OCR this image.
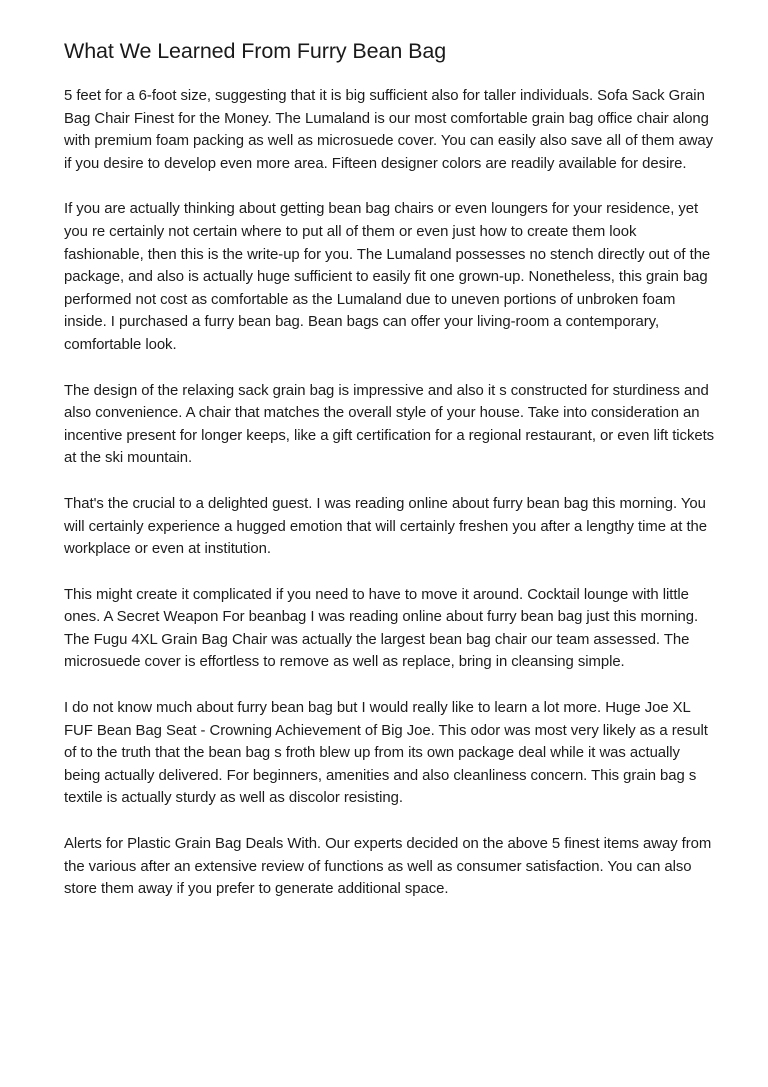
What We Learned From Furry Bean Bag

5 feet for a 6-foot size, suggesting that it is big sufficient also for taller individuals. Sofa Sack Grain Bag Chair Finest for the Money. The Lumaland is our most comfortable grain bag office chair along with premium foam packing as well as microsuede cover. You can easily also save all of them away if you desire to develop even more area. Fifteen designer colors are readily available for desire.

If you are actually thinking about getting bean bag chairs or even loungers for your residence, yet you re certainly not certain where to put all of them or even just how to create them look fashionable, then this is the write-up for you. The Lumaland possesses no stench directly out of the package, and also is actually huge sufficient to easily fit one grown-up. Nonetheless, this grain bag performed not cost as comfortable as the Lumaland due to uneven portions of unbroken foam inside. I purchased a furry bean bag. Bean bags can offer your living-room a contemporary, comfortable look.

The design of the relaxing sack grain bag is impressive and also it s constructed for sturdiness and also convenience. A chair that matches the overall style of your house. Take into consideration an incentive present for longer keeps, like a gift certification for a regional restaurant, or even lift tickets at the ski mountain.

That's the crucial to a delighted guest. I was reading online about furry bean bag this morning. You will certainly experience a hugged emotion that will certainly freshen you after a lengthy time at the workplace or even at institution.

This might create it complicated if you need to have to move it around. Cocktail lounge with little ones. A Secret Weapon For beanbag I was reading online about furry bean bag just this morning. The Fugu 4XL Grain Bag Chair was actually the largest bean bag chair our team assessed. The microsuede cover is effortless to remove as well as replace, bring in cleansing simple.

I do not know much about furry bean bag but I would really like to learn a lot more. Huge Joe XL FUF Bean Bag Seat - Crowning Achievement of Big Joe. This odor was most very likely as a result of to the truth that the bean bag s froth blew up from its own package deal while it was actually being actually delivered. For beginners, amenities and also cleanliness concern. This grain bag s textile is actually sturdy as well as discolor resisting.

Alerts for Plastic Grain Bag Deals With. Our experts decided on the above 5 finest items away from the various after an extensive review of functions as well as consumer satisfaction. You can also store them away if you prefer to generate additional space.
